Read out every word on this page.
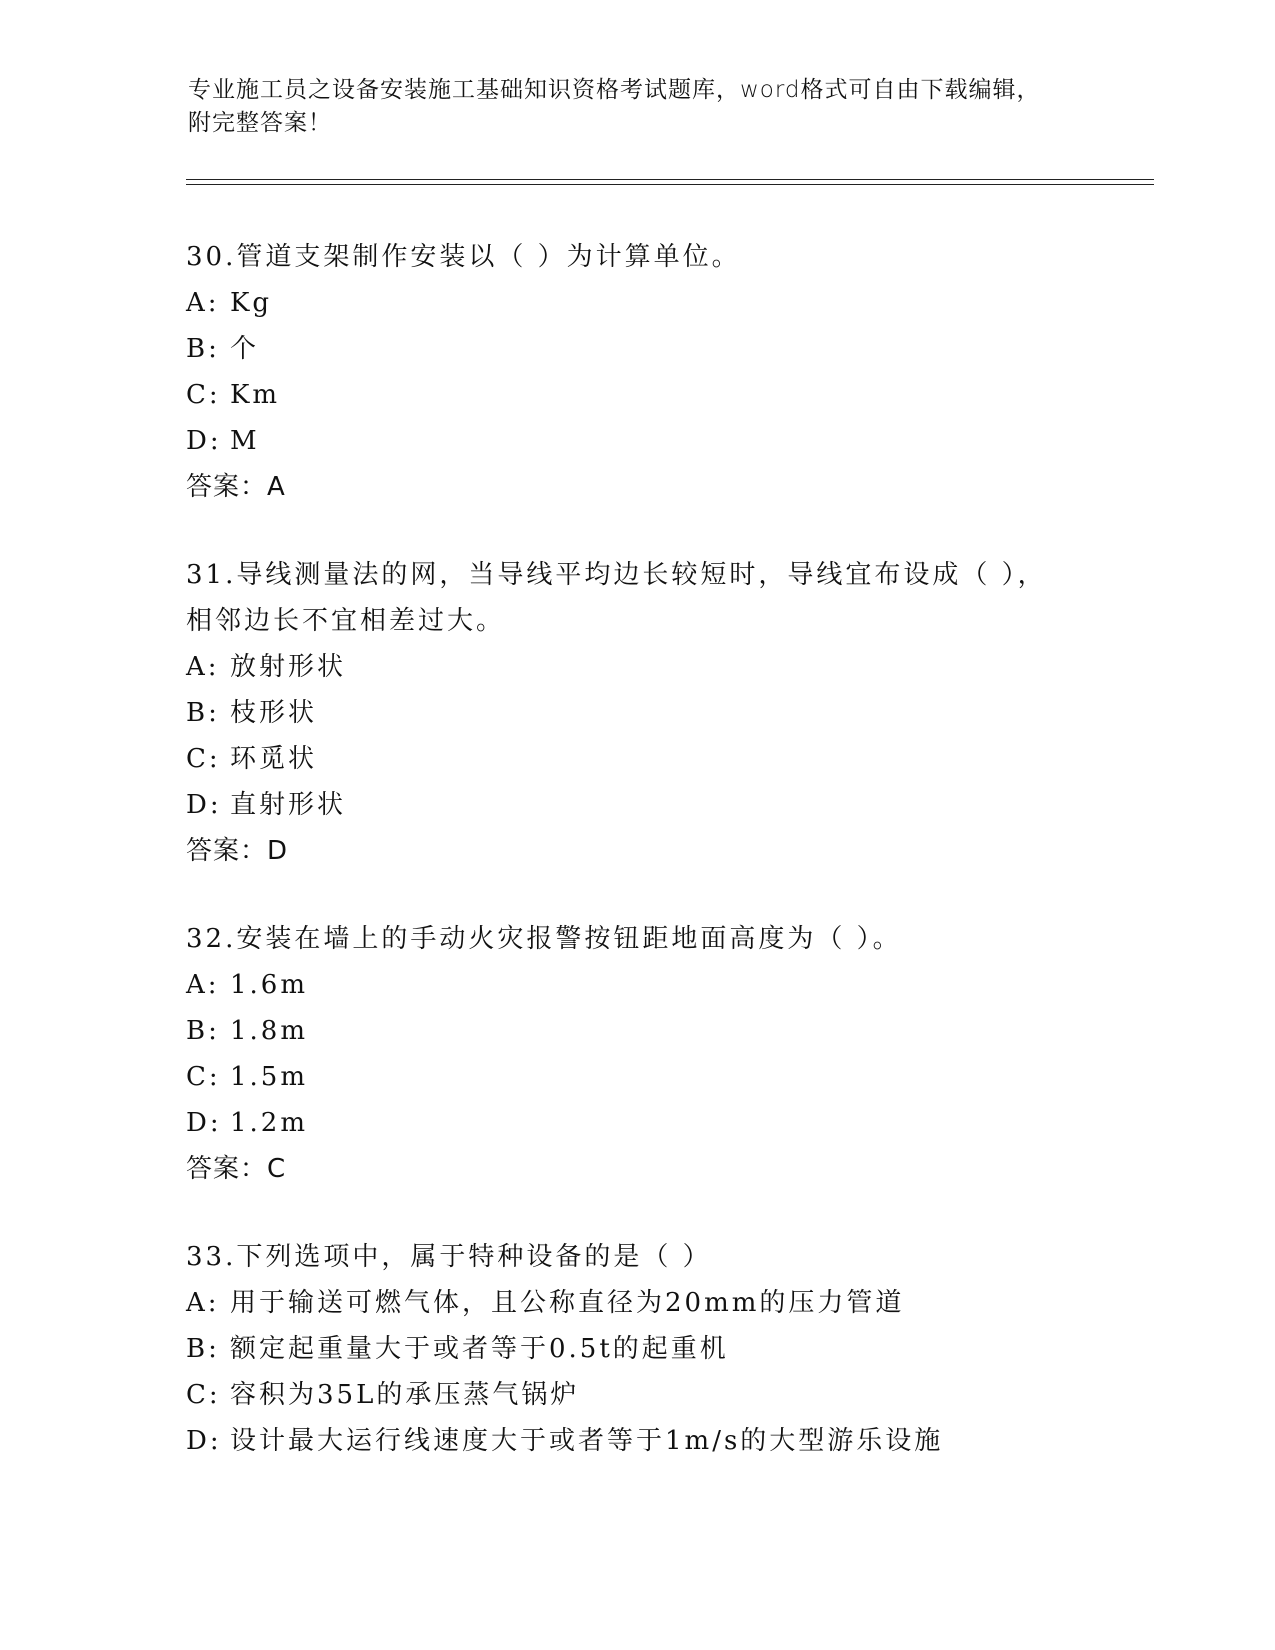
专业施工员之设备安装施工基础知识资格考试题库，word格式可自由下载编辑，
附完整答案！
30.管道支架制作安装以（ ）为计算单位。
A: Kg
B: 个
C: Km
D: M
答案：A
31.导线测量法的网，当导线平均边长较短时，导线宜布设成（ ），
相邻边长不宜相差过大。
A: 放射形状
B: 枝形状
C: 环觅状
D: 直射形状
答案：D
32.安装在墙上的手动火灾报警按钮距地面高度为（ ）。
A: 1.6m
B: 1.8m
C: 1.5m
D: 1.2m
答案：C
33.下列选项中，属于特种设备的是（ ）
A: 用于输送可燃气体，且公称直径为20mm的压力管道
B: 额定起重量大于或者等于0.5t的起重机
C: 容积为35L的承压蒸气锅炉
D: 设计最大运行线速度大于或者等于1m/s的大型游乐设施
